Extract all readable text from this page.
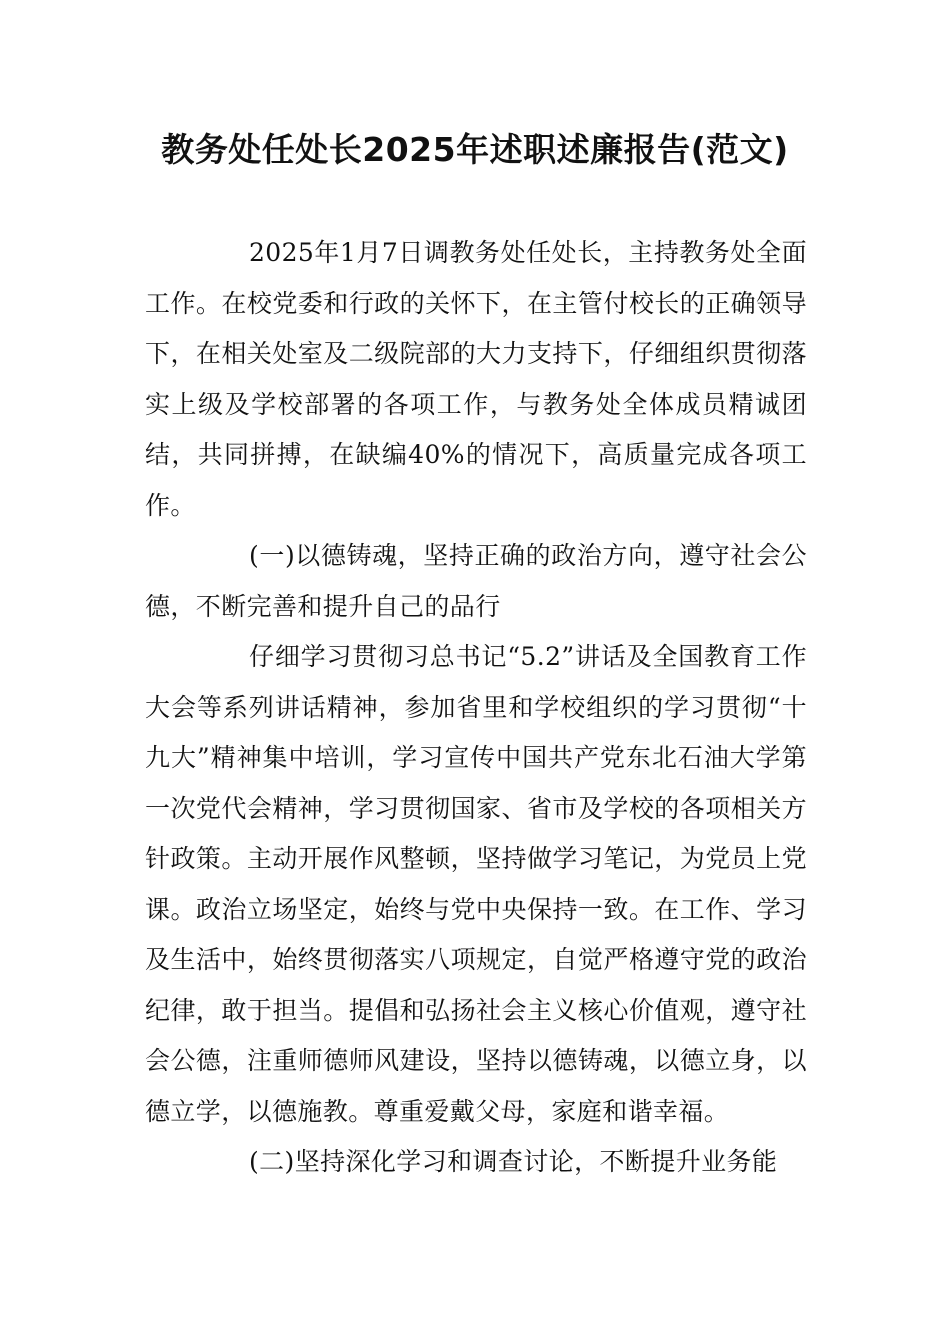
教务处任处长2025年述职述廉报告(范文)

2025年1月7日调教务处任处长，主持教务处全面工作。在校党委和行政的关怀下，在主管付校长的正确领导下，在相关处室及二级院部的大力支持下，仔细组织贯彻落实上级及学校部署的各项工作，与教务处全体成员精诚团结，共同拼搏，在缺编40%的情况下，高质量完成各项工作。

(一)以德铸魂，坚持正确的政治方向，遵守社会公德，不断完善和提升自己的品行

仔细学习贯彻习总书记“5.2”讲话及全国教育工作大会等系列讲话精神，参加省里和学校组织的学习贯彻“十九大”精神集中培训，学习宣传中国共产党东北石油大学第一次党代会精神，学习贯彻国家、省市及学校的各项相关方针政策。主动开展作风整顿，坚持做学习笔记，为党员上党课。政治立场坚定，始终与党中央保持一致。在工作、学习及生活中，始终贯彻落实八项规定，自觉严格遵守党的政治纪律，敢于担当。提倡和弘扬社会主义核心价值观，遵守社会公德，注重师德师风建设，坚持以德铸魂，以德立身，以德立学，以德施教。尊重爱戴父母，家庭和谐幸福。

(二)坚持深化学习和调查讨论，不断提升业务能
